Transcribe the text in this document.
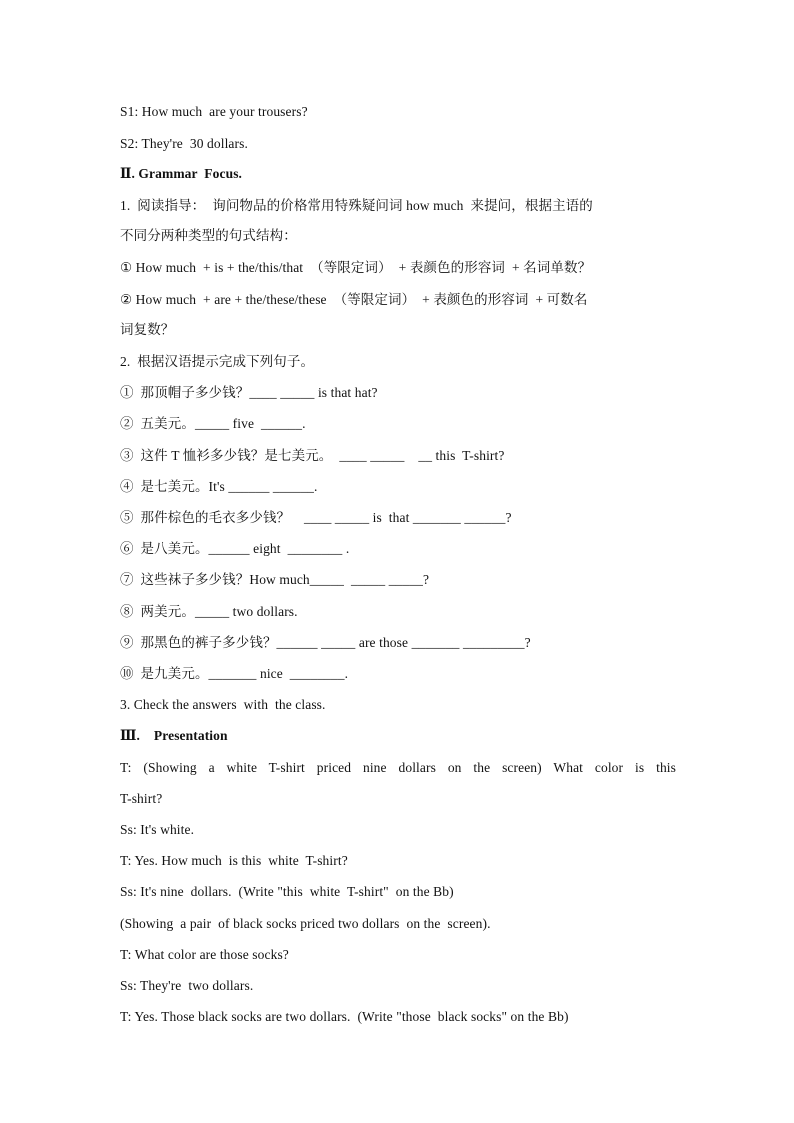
S1: How much  are your trousers?
S2: They're  30 dollars.
Ⅱ. Grammar  Focus.
1.  阅读指导：  询问物品的价格常用特殊疑问词 how much  来提问，根据主语的
不同分两种类型的句式结构：
① How much  + is + the/this/that  （等限定词）  + 表颜色的形容词  + 名词单数？
② How much  + are + the/these/these  （等限定词）  + 表颜色的形容词  + 可数名
词复数？
2.  根据汉语提示完成下列句子。
①  那顶帽子多少钱？____ _____ is that hat?
②  五美元。_____ five  ______.
③  这件 T 恤衫多少钱？是七美元。  ____ _____    __ this  T-shirt?
④  是七美元。It's ______ ______.
⑤  那件棕色的毛衣多少钱？    ____ _____ is  that _______ ______?
⑥  是八美元。______ eight  ________ .
⑦  这些袜子多少钱？How much_____  _____ _____?
⑧  两美元。_____ two dollars.
⑨  那黑色的裤子多少钱？______ _____ are those _______ _________?
⑩  是九美元。_______ nice  ________.
3. Check the answers  with  the class.
Ⅲ.    Presentation
T: (Showing a white T-shirt priced nine dollars on the screen) What color is this
T-shirt?
Ss: It's white.
T: Yes. How much  is this  white  T-shirt?
Ss: It's nine  dollars.  (Write "this  white  T-shirt"  on the Bb)
(Showing  a pair  of black socks priced two dollars  on the  screen).
T: What color are those socks?
Ss: They're  two dollars.
T: Yes. Those black socks are two dollars.  (Write "those  black socks" on the Bb)
